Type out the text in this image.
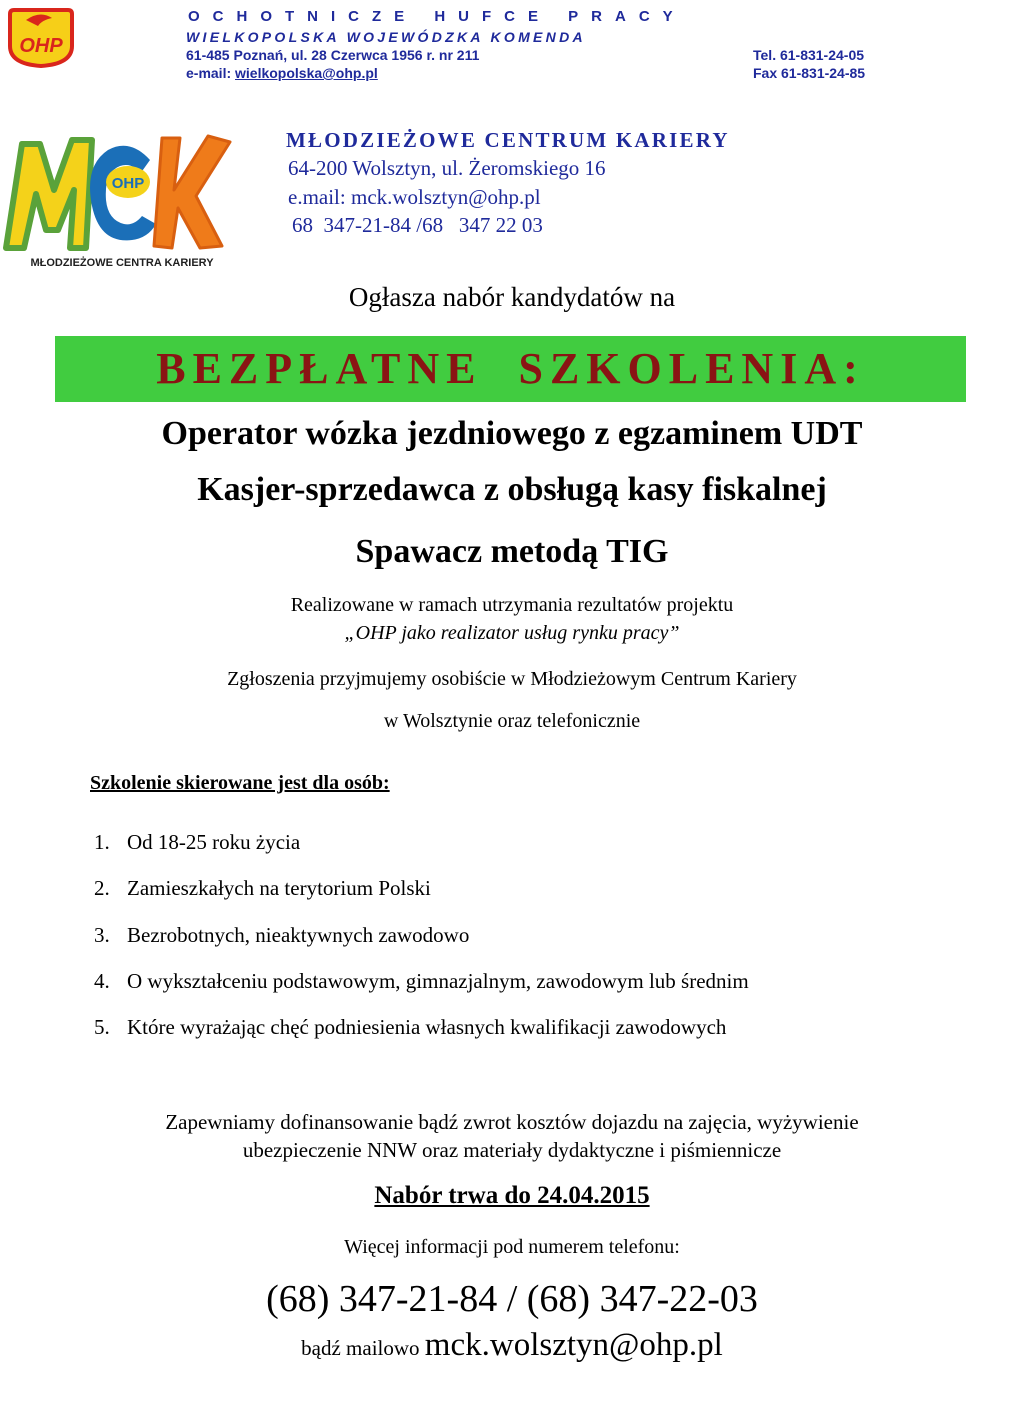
OHP
OCHOTNICZE HUFCE PRACY
WIELKOPOLSKA WOJEWÓDZKA KOMENDA
61-485 Poznań, ul. 28 Czerwca 1956 r. nr 211	Tel. 61-831-24-05
e-mail: wielkopolska@ohp.pl	Fax 61-831-24-85
OHP
MŁODZIEŻOWE CENTRA KARIERY
MŁODZIEŻOWE CENTRUM KARIERY
64-200 Wolsztyn, ul. Żeromskiego 16
e.mail: mck.wolsztyn@ohp.pl
68  347-21-84 /68   347 22 03
Ogłasza nabór kandydatów na
BEZPŁATNE  SZKOLENIA:
Operator wózka jezdniowego z egzaminem UDT
Kasjer-sprzedawca z obsługą kasy fiskalnej
Spawacz metodą TIG
Realizowane w ramach utrzymania rezultatów projektu
„OHP jako realizator usług rynku pracy”
Zgłoszenia przyjmujemy osobiście w Młodzieżowym Centrum Kariery
w Wolsztynie oraz telefonicznie
Szkolenie skierowane jest dla osób:
1. Od 18-25 roku życia
2. Zamieszkałych na terytorium Polski
3. Bezrobotnych, nieaktywnych zawodowo
4. O wykształceniu podstawowym, gimnazjalnym, zawodowym lub średnim
5. Które wyrażając chęć podniesienia własnych kwalifikacji zawodowych
Zapewniamy dofinansowanie bądź zwrot kosztów dojazdu na zajęcia, wyżywienie
ubezpieczenie NNW oraz materiały dydaktyczne i piśmiennicze
Nabór trwa do 24.04.2015
Więcej informacji pod numerem telefonu:
(68) 347-21-84 / (68) 347-22-03
bądź mailowo mck.wolsztyn@ohp.pl
